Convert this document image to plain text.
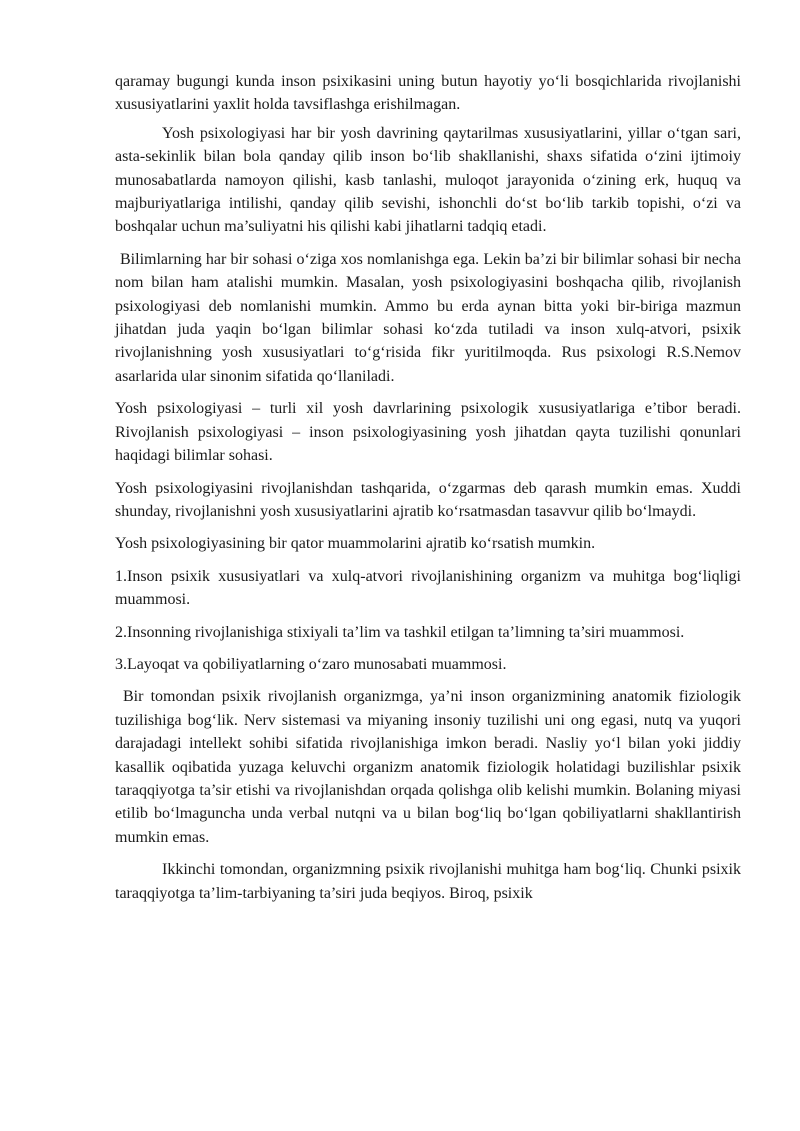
qaramay bugungi kunda inson psixikasini uning butun hayotiy yo‘li bosqichlarida rivojlanishi xususiyatlarini yaxlit holda tavsiflashga erishilmagan.

Yosh psixologiyasi har bir yosh davrining qaytarilmas xususiyatlarini, yillar o‘tgan sari, asta-sekinlik bilan bola qanday qilib inson bo‘lib shakllanishi, shaxs sifatida o‘zini ijtimoiy munosabatlarda namoyon qilishi, kasb tanlashi, muloqot jarayonida o‘zining erk, huquq va majburiyatlariga intilishi, qanday qilib sevishi, ishonchli do‘st bo‘lib tarkib topishi, o‘zi va boshqalar uchun ma’suliyatni his qilishi kabi jihatlarni tadqiq etadi.

Bilimlarning har bir sohasi o‘ziga xos nomlanishga ega. Lekin ba’zi bir bilimlar sohasi bir necha nom bilan ham atalishi mumkin. Masalan, yosh psixologiyasini boshqacha qilib, rivojlanish psixologiyasi deb nomlanishi mumkin. Ammo bu erda aynan bitta yoki bir-biriga mazmun jihatdan juda yaqin bo‘lgan bilimlar sohasi ko‘zda tutiladi va inson xulq-atvori, psixik rivojlanishning yosh xususiyatlari to‘g‘risida fikr yuritilmoqda. Rus psixologi R.S.Nemov asarlarida ular sinonim sifatida qo‘llaniladi.

Yosh psixologiyasi – turli xil yosh davrlarining psixologik xususiyatlariga e’tibor beradi. Rivojlanish psixologiyasi – inson psixologiyasining yosh jihatdan qayta tuzilishi qonunlari haqidagi bilimlar sohasi.

Yosh psixologiyasini rivojlanishdan tashqarida, o‘zgarmas deb qarash mumkin emas. Xuddi shunday, rivojlanishni yosh xususiyatlarini ajratib ko‘rsatmasdan tasavvur qilib bo‘lmaydi.

Yosh psixologiyasining bir qator muammolarini ajratib ko‘rsatish mumkin.

1.Inson psixik xususiyatlari va xulq-atvori rivojlanishining organizm va muhitga bog‘liqligi muammosi.

2.Insonning rivojlanishiga stixiyali ta’lim va tashkil etilgan ta’limning ta’siri muammosi.

3.Layoqat va qobiliyatlarning o‘zaro munosabati muammosi.

Bir tomondan psixik rivojlanish organizmga, ya’ni inson organizmining anatomik fiziologik tuzilishiga bog‘lik. Nerv sistemasi va miyaning insoniy tuzilishi uni ong egasi, nutq va yuqori darajadagi intellekt sohibi sifatida rivojlanishiga imkon beradi. Nasliy yo‘l bilan yoki jiddiy kasallik oqibatida yuzaga keluvchi organizm anatomik fiziologik holatidagi buzilishlar psixik taraqqiyotga ta’sir etishi va rivojlanishdan orqada qolishga olib kelishi mumkin. Bolaning miyasi etilib bo‘lmaguncha unda verbal nutqni va u bilan bog‘liq bo‘lgan qobiliyatlarni shakllantirish mumkin emas.

Ikkinchi tomondan, organizmning psixik rivojlanishi muhitga ham bog‘liq. Chunki psixik taraqqiyotga ta’lim-tarbiyaning ta’siri juda beqiyos. Biroq, psixik
